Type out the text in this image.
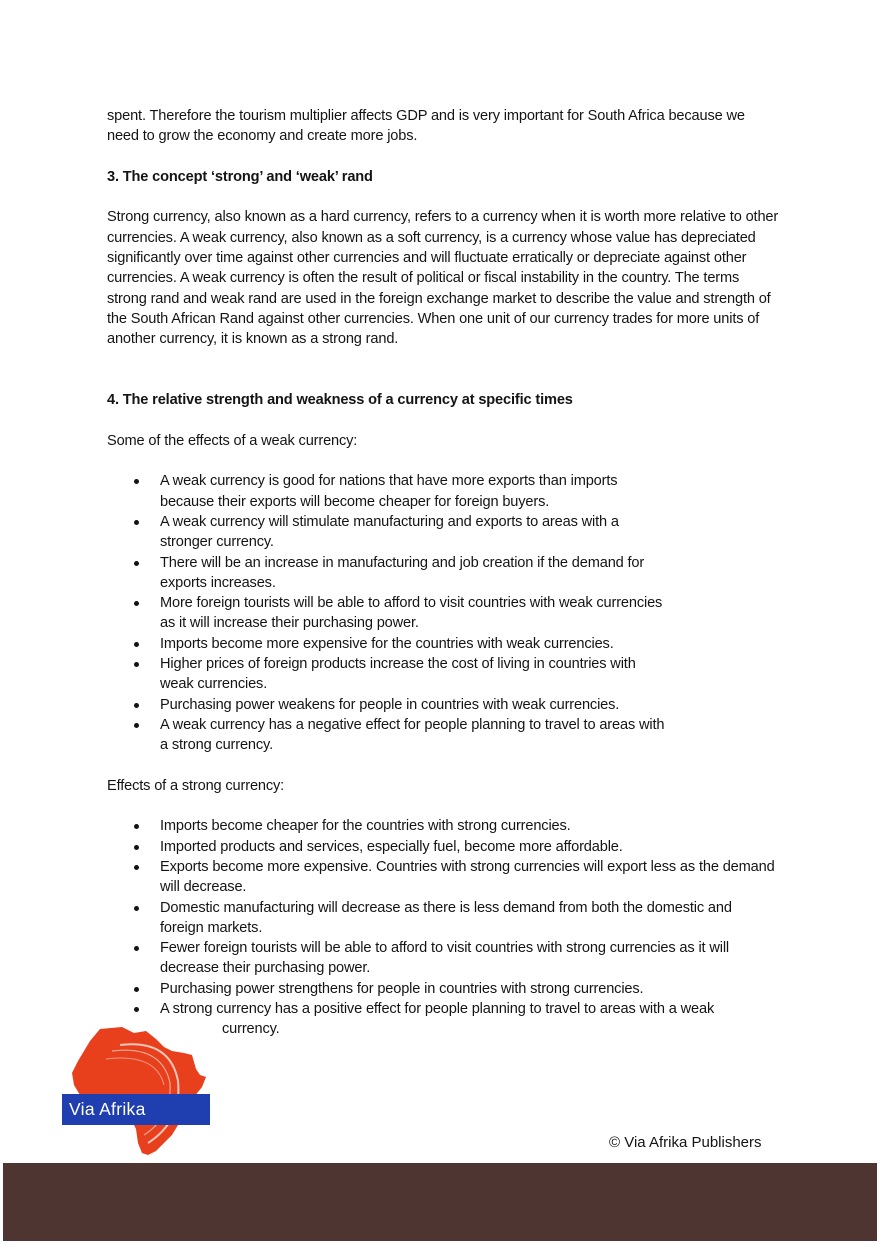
spent. Therefore the tourism multiplier affects GDP and is very important for South Africa because we need to grow the economy and create more jobs.

3. The concept ‘strong’ and ‘weak’ rand

Strong currency, also known as a hard currency, refers to a currency when it is worth more relative to other currencies. A weak currency, also known as a soft currency, is a currency whose value has depreciated significantly over time against other currencies and will fluctuate erratically or depreciate against other currencies. A weak currency is often the result of political or fiscal instability in the country. The terms strong rand and weak rand are used in the foreign exchange market to describe the value and strength of the South African Rand against other currencies. When one unit of our currency trades for more units of another currency, it is known as a strong rand.

4. The relative strength and weakness of a currency at specific times

Some of the effects of a weak currency:

A weak currency is good for nations that have more exports than imports because their exports will become cheaper for foreign buyers.
A weak currency will stimulate manufacturing and exports to areas with a stronger currency.
There will be an increase in manufacturing and job creation if the demand for exports increases.
More foreign tourists will be able to afford to visit countries with weak currencies as it will increase their purchasing power.
Imports become more expensive for the countries with weak currencies.
Higher prices of foreign products increase the cost of living in countries with weak currencies.
Purchasing power weakens for people in countries with weak currencies.
A weak currency has a negative effect for people planning to travel to areas with a strong currency.

Effects of a strong currency:

Imports become cheaper for the countries with strong currencies.
Imported products and services, especially fuel, become more affordable.
Exports become more expensive. Countries with strong currencies will export less as the demand will decrease.
Domestic manufacturing will decrease as there is less demand from both the domestic and foreign markets.
Fewer foreign tourists will be able to afford to visit countries with strong currencies as it will decrease their purchasing power.
Purchasing power strengthens for people in countries with strong currencies.
A strong currency has a positive effect for people planning to travel to areas with a weak
currency.
Via Afrika
© Via Afrika Publishers
